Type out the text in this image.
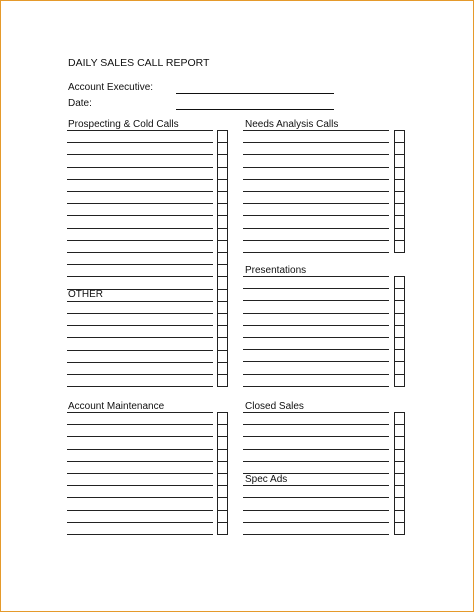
DAILY SALES CALL REPORT
Account Executive:
Date:
Prospecting & Cold Calls
OTHER
Account Maintenance
Needs Analysis Calls
Presentations
Closed Sales
Spec Ads
